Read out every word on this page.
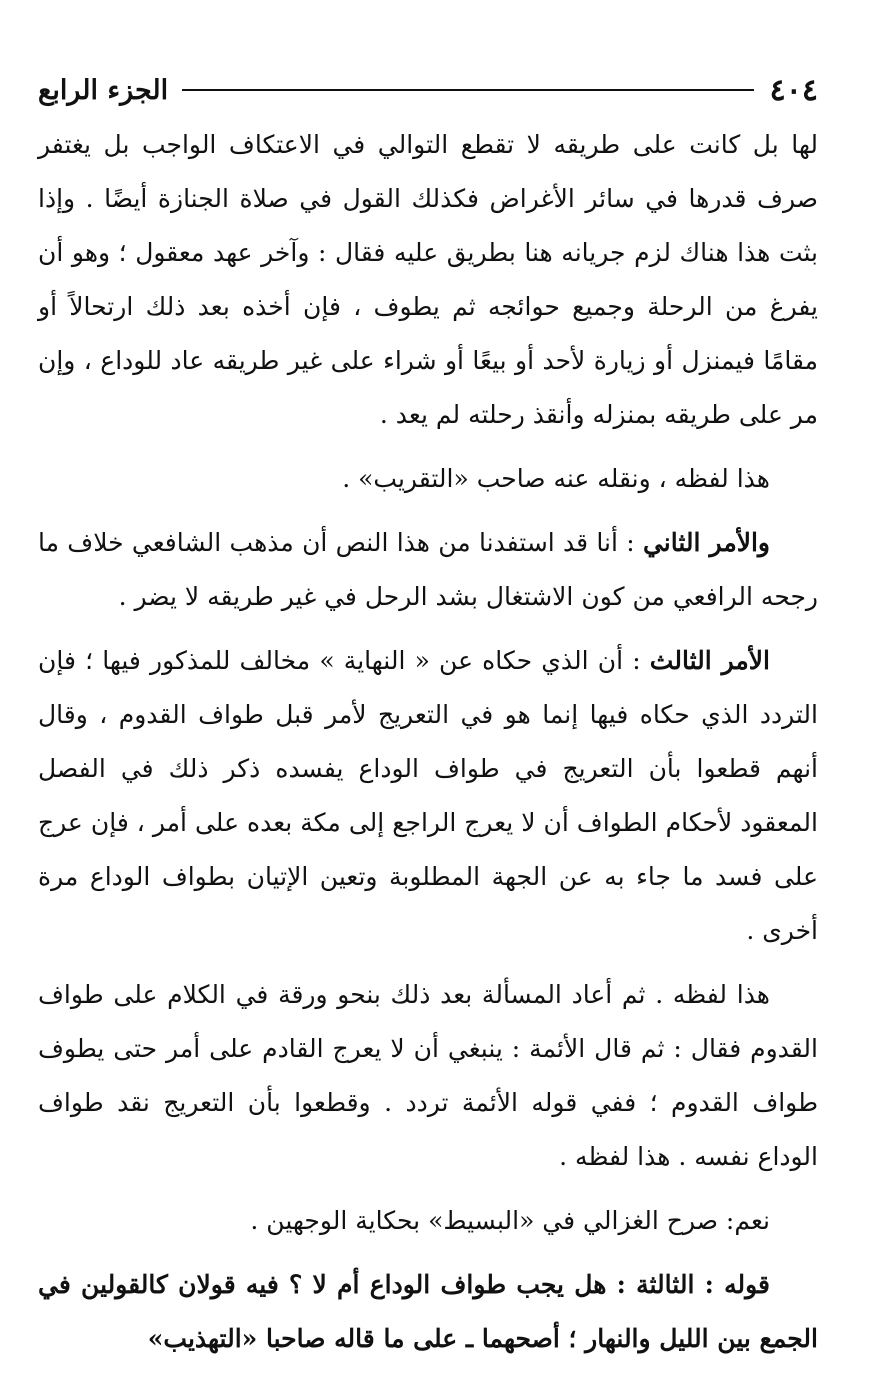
٤٠٤
الجزء الرابع

لها بل كانت على طريقه لا تقطع التوالي في الاعتكاف الواجب بل يغتفر صرف قدرها في سائر الأغراض فكذلك القول في صلاة الجنازة أيضًا . وإذا بثت هذا هناك لزم جريانه هنا بطريق عليه فقال : وآخر عهد معقول ؛ وهو أن يفرغ من الرحلة وجميع حوائجه ثم يطوف ، فإن أخذه بعد ذلك ارتحالاً أو مقامًا فيمنزل أو زيارة لأحد أو بيعًا أو شراء على غير طريقه عاد للوداع ، وإن مر على طريقه بمنزله وأنقذ رحلته لم يعد .

هذا لفظه ، ونقله عنه صاحب «التقريب» .

والأمر الثاني : أنا قد استفدنا من هذا النص أن مذهب الشافعي خلاف ما رجحه الرافعي من كون الاشتغال بشد الرحل في غير طريقه لا يضر .

الأمر الثالث : أن الذي حكاه عن « النهاية » مخالف للمذكور فيها ؛ فإن التردد الذي حكاه فيها إنما هو في التعريج لأمر قبل طواف القدوم ، وقال أنهم قطعوا بأن التعريج في طواف الوداع يفسده ذكر ذلك في الفصل المعقود لأحكام الطواف أن لا يعرج الراجع إلى مكة بعده على أمر ، فإن عرج على فسد ما جاء به عن الجهة المطلوبة وتعين الإتيان بطواف الوداع مرة أخرى .

هذا لفظه . ثم أعاد المسألة بعد ذلك بنحو ورقة في الكلام على طواف القدوم فقال : ثم قال الأئمة : ينبغي أن لا يعرج القادم على أمر حتى يطوف طواف القدوم ؛ ففي قوله الأئمة تردد . وقطعوا بأن التعريج نقد طواف الوداع نفسه . هذا لفظه .

نعم: صرح الغزالي في «البسيط» بحكاية الوجهين .

قوله : الثالثة : هل يجب طواف الوداع أم لا ؟ فيه قولان كالقولين في الجمع بين الليل والنهار ؛ أصحهما ـ على ما قاله صاحبا «التهذيب»
